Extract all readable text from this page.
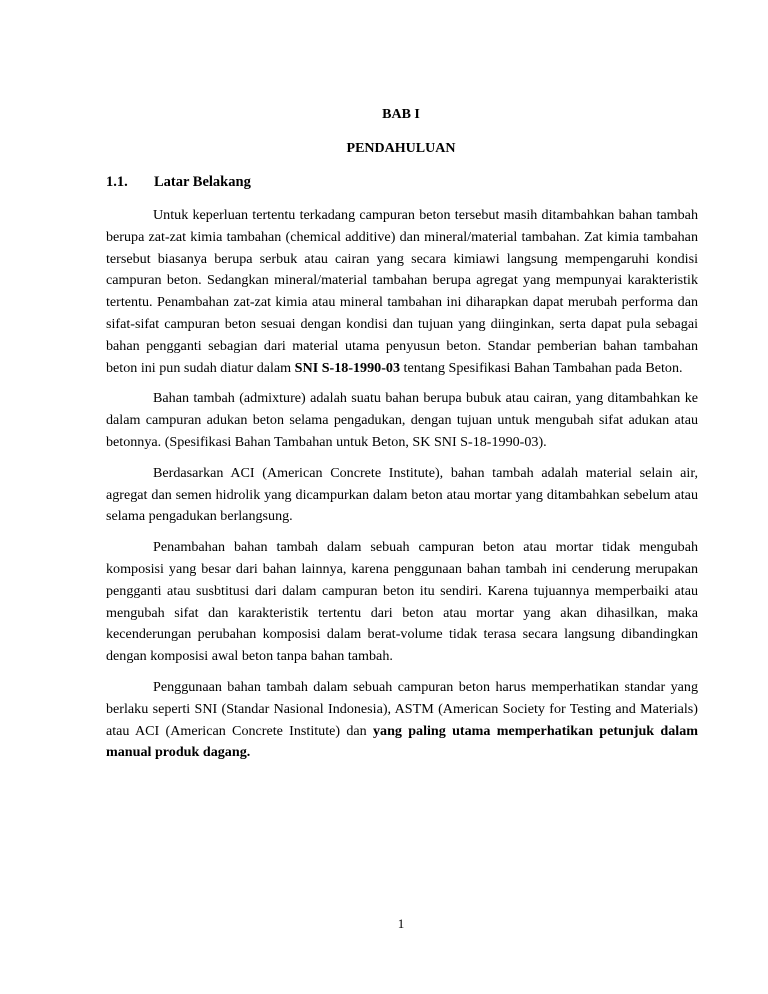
BAB I
PENDAHULUAN
1.1.	Latar Belakang

Untuk keperluan tertentu terkadang campuran beton tersebut masih ditambahkan bahan tambah berupa zat-zat kimia tambahan (chemical additive) dan mineral/material tambahan. Zat kimia tambahan tersebut biasanya berupa serbuk atau cairan yang secara kimiawi langsung mempengaruhi kondisi campuran beton. Sedangkan mineral/material tambahan berupa agregat yang mempunyai karakteristik tertentu. Penambahan zat-zat kimia atau mineral tambahan ini diharapkan dapat merubah performa dan sifat-sifat campuran beton sesuai dengan kondisi dan tujuan yang diinginkan, serta dapat pula sebagai bahan pengganti sebagian dari material utama penyusun beton. Standar pemberian bahan tambahan beton ini pun sudah diatur dalam SNI S-18-1990-03 tentang Spesifikasi Bahan Tambahan pada Beton.

Bahan tambah (admixture) adalah suatu bahan berupa bubuk atau cairan, yang ditambahkan ke dalam campuran adukan beton selama pengadukan, dengan tujuan untuk mengubah sifat adukan atau betonnya. (Spesifikasi Bahan Tambahan untuk Beton, SK SNI S-18-1990-03).

Berdasarkan ACI (American Concrete Institute), bahan tambah adalah material selain air, agregat dan semen hidrolik yang dicampurkan dalam beton atau mortar yang ditambahkan sebelum atau selama pengadukan berlangsung.

Penambahan bahan tambah dalam sebuah campuran beton atau mortar tidak mengubah komposisi yang besar dari bahan lainnya, karena penggunaan bahan tambah ini cenderung merupakan pengganti atau susbtitusi dari dalam campuran beton itu sendiri. Karena tujuannya memperbaiki atau mengubah sifat dan karakteristik tertentu dari beton atau mortar yang akan dihasilkan, maka kecenderungan perubahan komposisi dalam berat-volume tidak terasa secara langsung dibandingkan dengan komposisi awal beton tanpa bahan tambah.

Penggunaan bahan tambah dalam sebuah campuran beton harus memperhatikan standar yang berlaku seperti SNI (Standar Nasional Indonesia), ASTM (American Society for Testing and Materials) atau ACI (American Concrete Institute) dan yang paling utama memperhatikan petunjuk dalam manual produk dagang.

1
